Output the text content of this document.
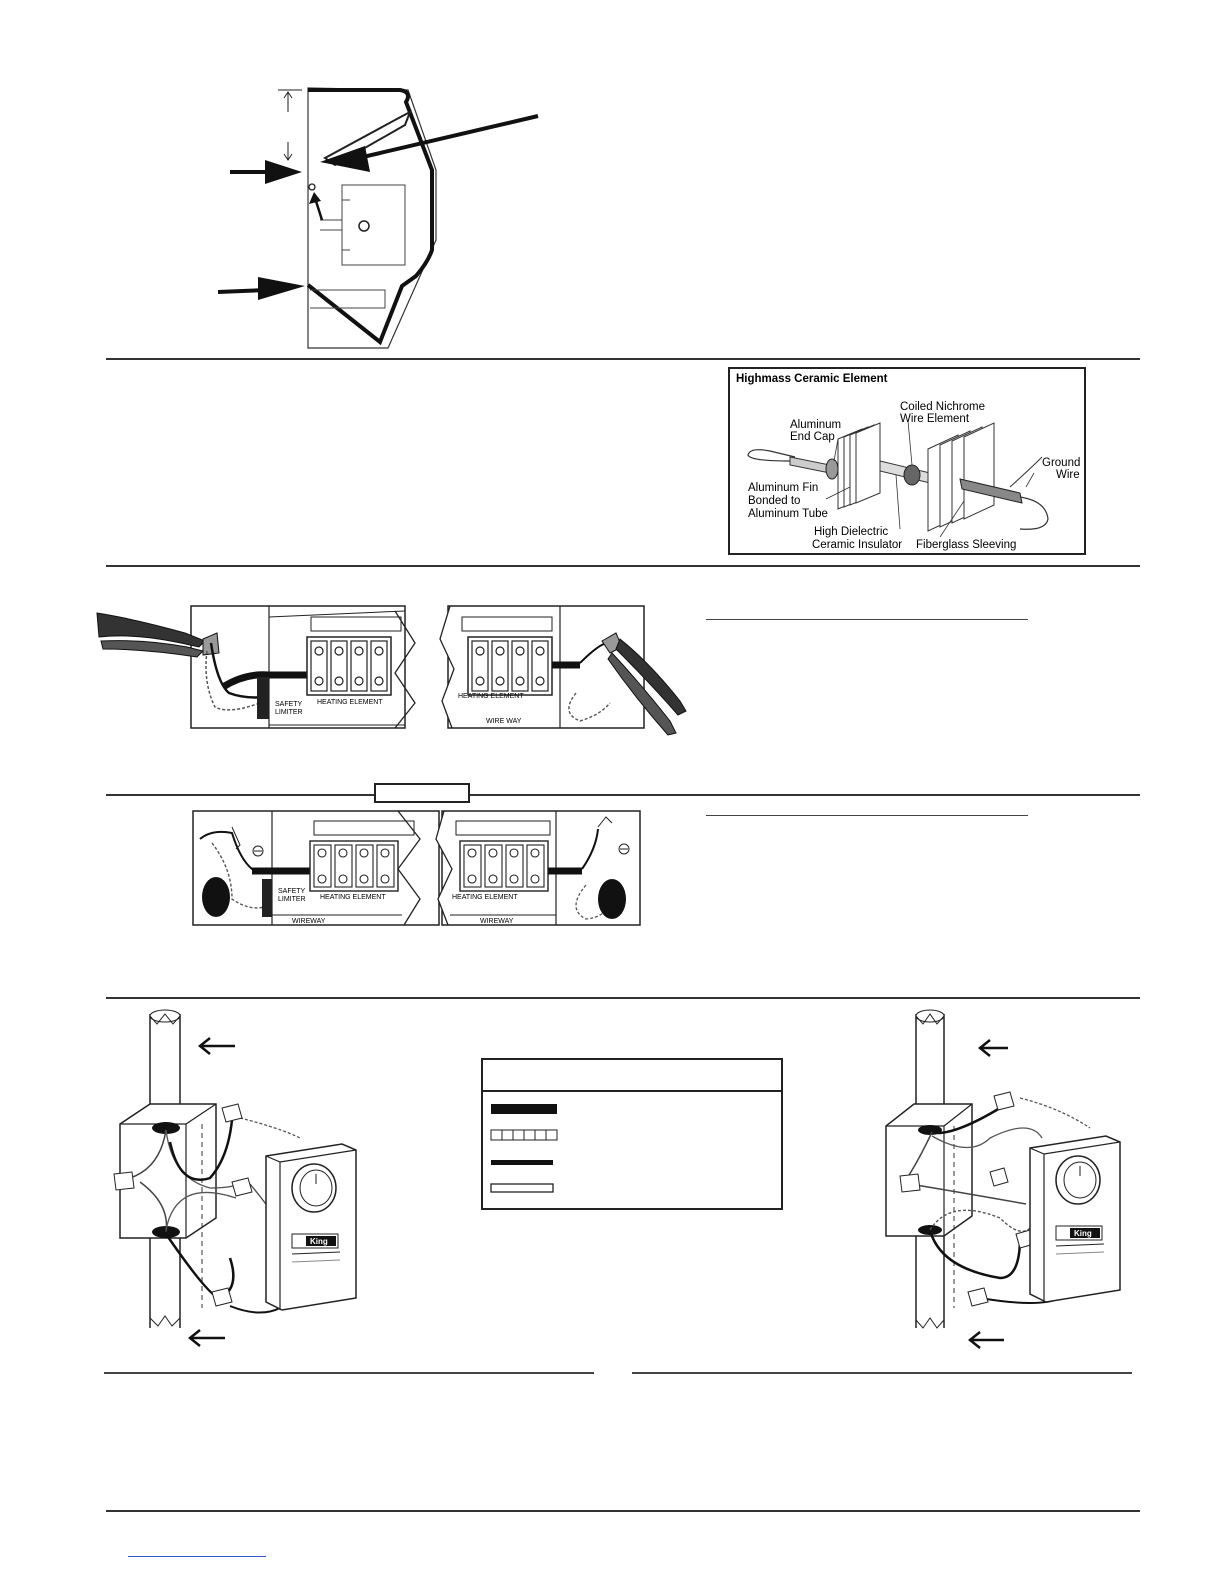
Highmass Ceramic Element
Coiled Nichrome
Wire Element
Aluminum
End Cap
Ground
Wire
Aluminum Fin
Bonded to
Aluminum Tube
High Dielectric
Ceramic Insulator Fiberglass Sleeving
SAFETY
LIMITER
HEATING ELEMENT
HEATING ELEMENT
WIRE WAY
SAFETY
LIMITER HEATING ELEMENT
WIREWAY
HEATING ELEMENT
WIREWAY
King
King
